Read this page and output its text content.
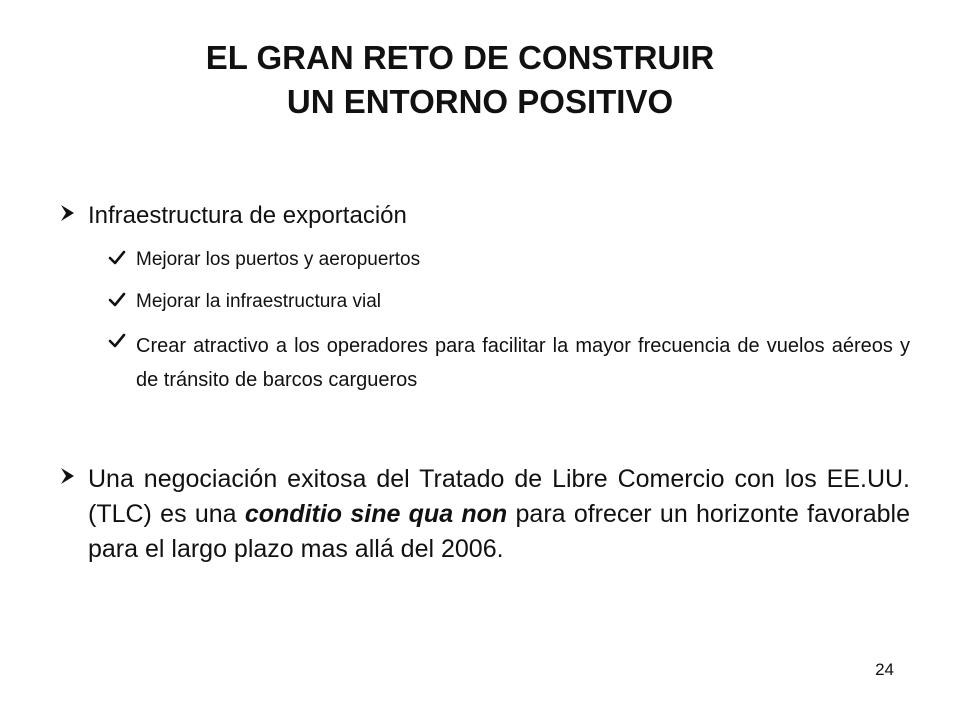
EL GRAN RETO DE CONSTRUIR
UN ENTORNO POSITIVO
Infraestructura de exportación
Mejorar los puertos y aeropuertos
Mejorar la infraestructura vial
Crear atractivo a los operadores para facilitar la mayor frecuencia de vuelos aéreos y de tránsito de barcos cargueros
Una negociación exitosa del Tratado de Libre Comercio con los EE.UU. (TLC) es una conditio sine qua non para ofrecer un horizonte favorable para el largo plazo mas allá del 2006.
24
